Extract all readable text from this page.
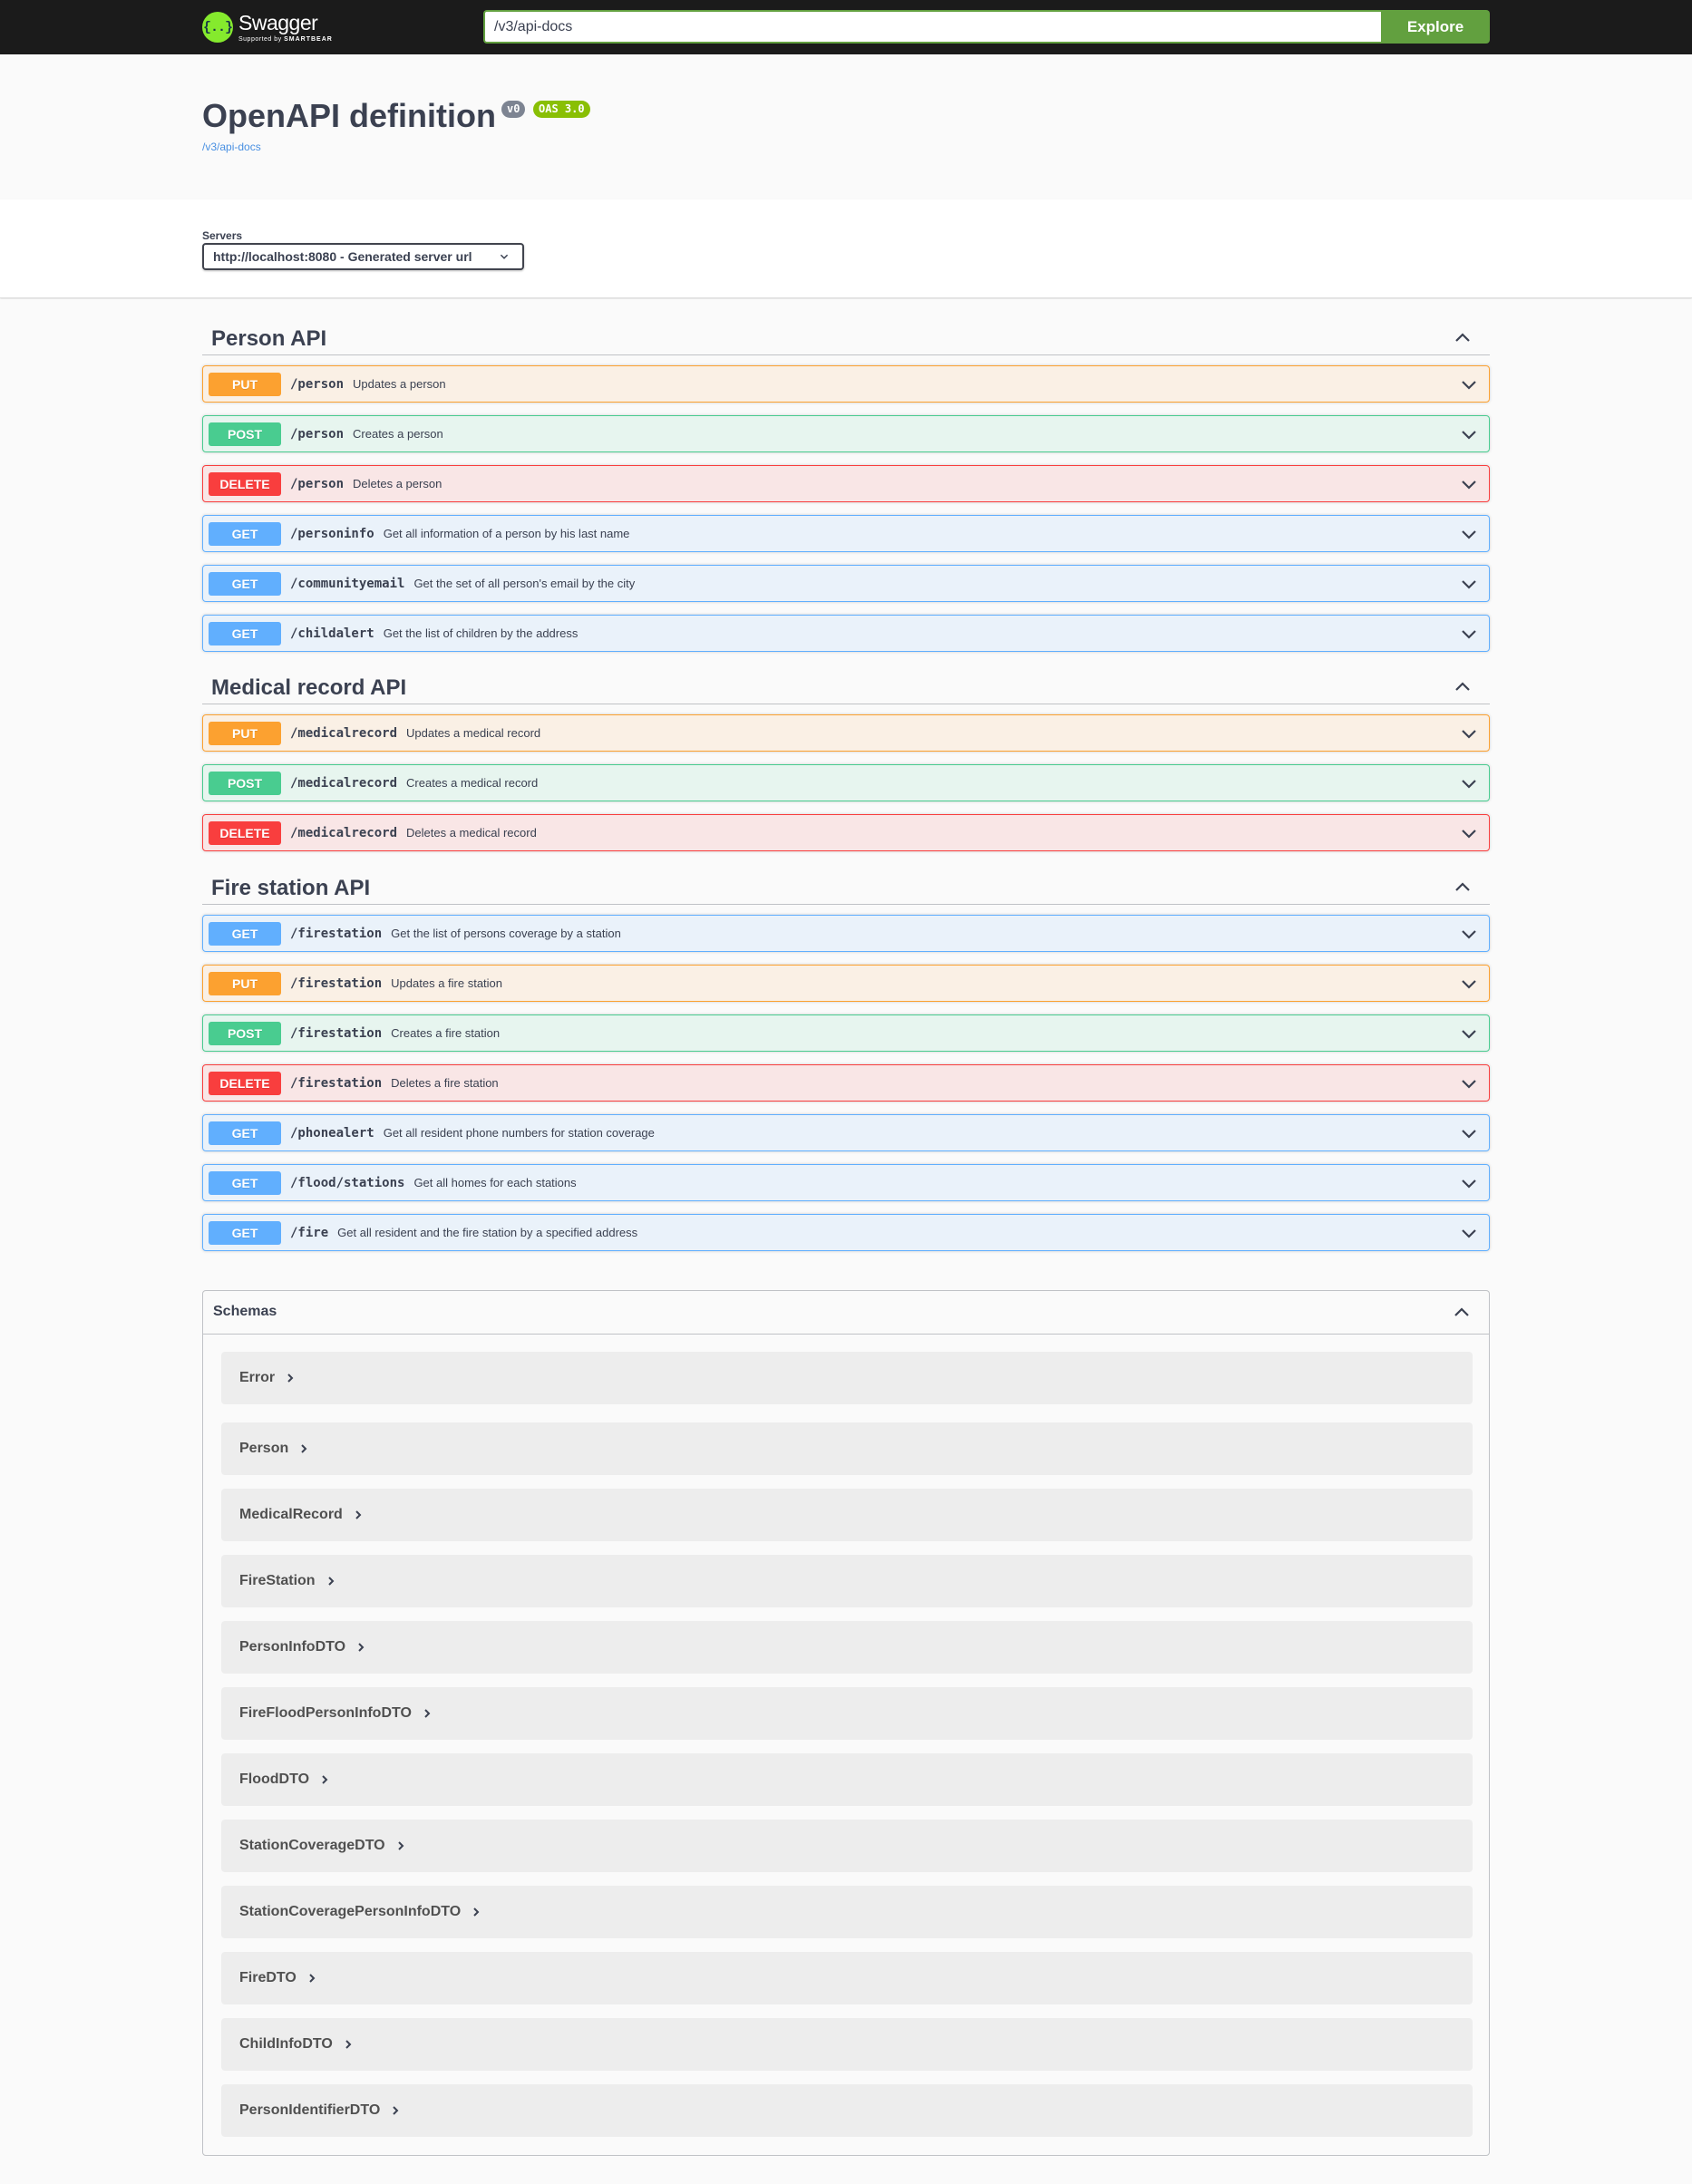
{..} Swagger
Supported by SMARTBEAR
/v3/api-docs
Explore
OpenAPI definition	v0	OAS 3.0
/v3/api-docs
Servers
http://localhost:8080 - Generated server url
Person API
PUT	/person Updates a person
POST	/person Creates a person
DELETE	/person Deletes a person
GET	/personinfo Get all information of a person by his last name
GET	/communityemail Get the set of all person's email by the city
GET	/childalert Get the list of children by the address
Medical record API
PUT	/medicalrecord Updates a medical record
POST	/medicalrecord Creates a medical record
DELETE	/medicalrecord Deletes a medical record
Fire station API
GET	/firestation Get the list of persons coverage by a station
PUT	/firestation Updates a fire station
POST	/firestation Creates a fire station
DELETE	/firestation Deletes a fire station
GET	/phonealert Get all resident phone numbers for station coverage
GET	/flood/stations Get all homes for each stations
GET	/fire Get all resident and the fire station by a specified address
Schemas
Error
Person
MedicalRecord
FireStation
PersonInfoDTO
FireFloodPersonInfoDTO
FloodDTO
StationCoverageDTO
StationCoveragePersonInfoDTO
FireDTO
ChildInfoDTO
PersonIdentifierDTO
